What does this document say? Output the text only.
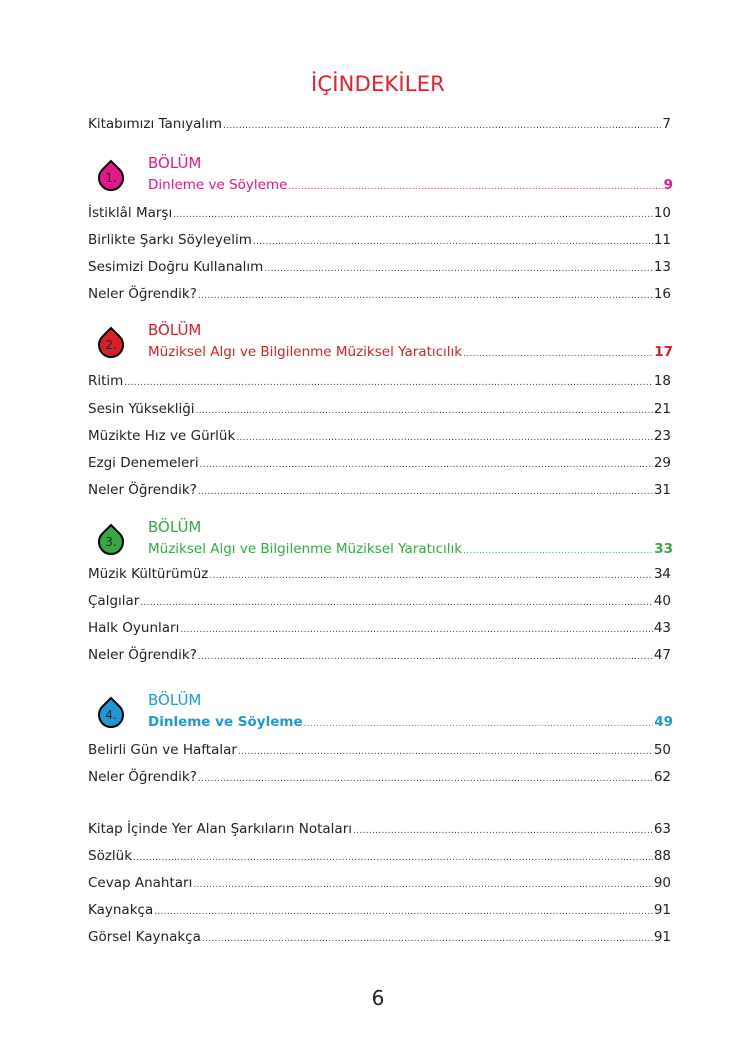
İÇİNDEKİLER
Kitabımızı Tanıyalım .....	7
1.
BÖLÜM
Dinleme ve Söyleme .....	9
İstiklâl Marşı .....	10
Birlikte Şarkı Söyleyelim .....	11
Sesimizi Doğru Kullanalım .....	13
Neler Öğrendik? .....	16
2.
BÖLÜM
Müziksel Algı ve Bilgilenme Müziksel Yaratıcılık .....	17
Ritim .....	18
Sesin Yüksekliği .....	21
Müzikte Hız ve Gürlük .....	23
Ezgi Denemeleri .....	29
Neler Öğrendik? .....	31
3.
BÖLÜM
Müziksel Algı ve Bilgilenme Müziksel Yaratıcılık .....	33
Müzik Kültürümüz .....	34
Çalgılar .....	40
Halk Oyunları .....	43
Neler Öğrendik? .....	47
4.
BÖLÜM
Dinleme ve Söyleme .....	49
Belirli Gün ve Haftalar .....	50
Neler Öğrendik? .....	62
Kitap İçinde Yer Alan Şarkıların Notaları .....	63
Sözlük .....	88
Cevap Anahtarı .....	90
Kaynakça .....	91
Görsel Kaynakça .....	91
6
